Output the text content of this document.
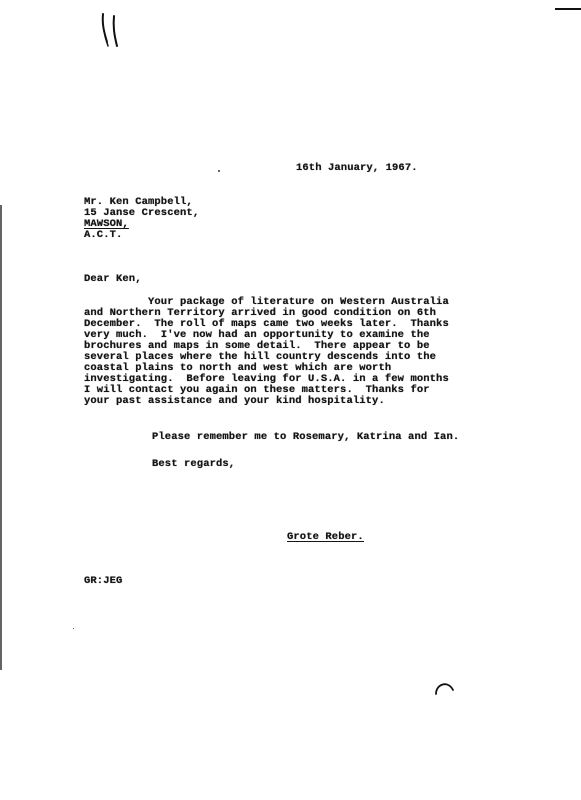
16th January, 1967.
Mr. Ken Campbell,
15 Janse Crescent,
MAWSON,
A.C.T.
Dear Ken,
Your package of literature on Western Australia
and Northern Territory arrived in good condition on 6th
December.  The roll of maps came two weeks later.  Thanks
very much.  I've now had an opportunity to examine the
brochures and maps in some detail.  There appear to be
several places where the hill country descends into the
coastal plains to north and west which are worth
investigating.  Before leaving for U.S.A. in a few months
I will contact you again on these matters.  Thanks for
your past assistance and your kind hospitality.
Please remember me to Rosemary, Katrina and Ian.
Best regards,
Grote Reber.
GR:JEG
